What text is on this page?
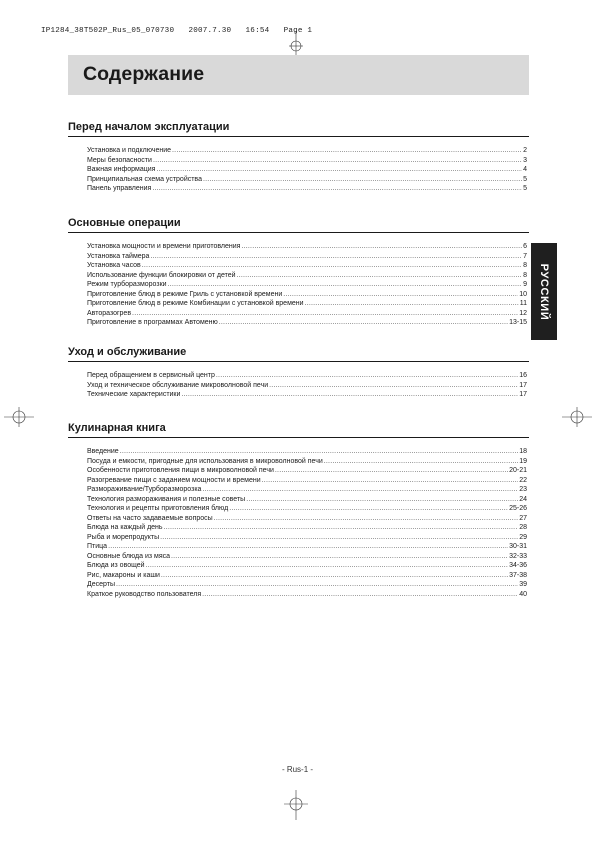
IP1284_38T502P_Rus_05_070730   2007.7.30   16:54   Page 1
Содержание
Перед началом эксплуатации
Установка и подключение .....	2
Меры безопасности .....	3
Важная информация .....	4
Принципиальная схема устройства .....	5
Панель управления .....	5
Основные операции
Установка мощности и времени приготовления .....	6
Установка таймера .....	7
Установка часов .....	8
Использование функции блокировки от детей .....	8
Режим турборазморозки .....	9
Приготовление блюд в режиме Гриль с установкой времени .....	10
Приготовление блюд в режиме Комбинации с установкой времени .....	11
Авторазогрев .....	12
Приготовление в программах Автоменю .....	13-15
Уход и обслуживание
Перед обращением в сервисный центр .....	16
Уход и техническое обслуживание микроволновой печи .....	17
Технические характеристики .....	17
Кулинарная книга
Введение .....	18
Посуда и емкости, пригодные для использования в микроволновой печи .....	19
Особенности приготовления пищи в микроволновой печи .....	20-21
Разогревание пищи с заданием мощности и времени .....	22
Размораживание/Турборазморозка .....	23
Технология размораживания и полезные советы .....	24
Технология и рецепты приготовления блюд .....	25-26
Ответы на часто задаваемые вопросы .....	27
Блюда на каждый день .....	28
Рыба и морепродукты .....	29
Птица .....	30-31
Основные блюда из мяса .....	32-33
Блюда из овощей .....	34-36
Рис, макароны и каши .....	37-38
Десерты .....	39
Краткое руководство пользователя .....	40
РУССКИЙ
- Rus-1 -
